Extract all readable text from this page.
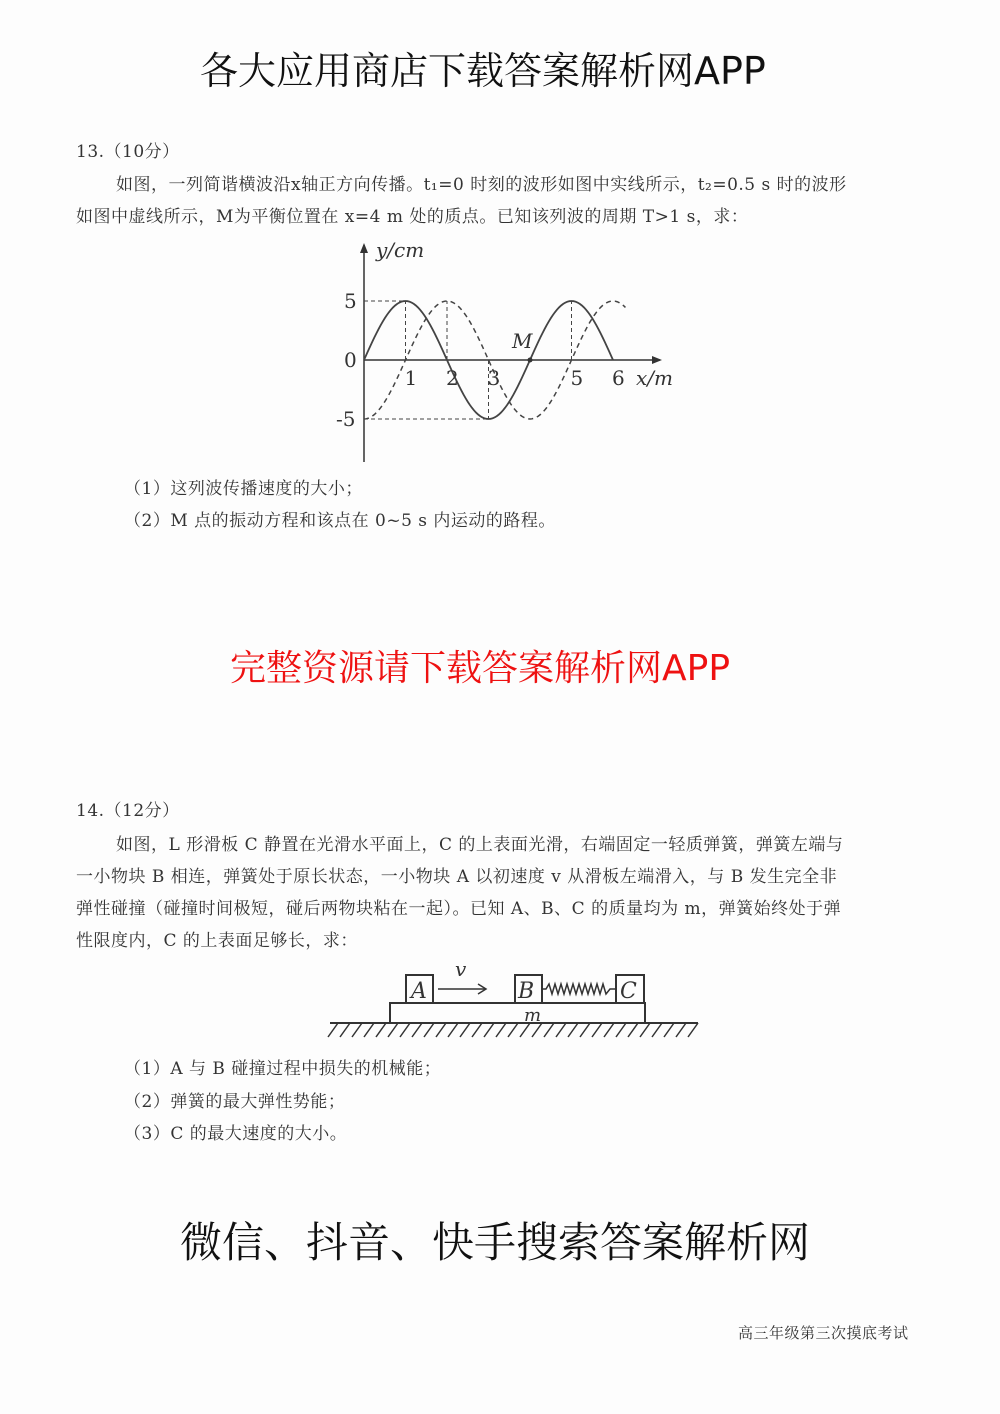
13.（10分）
如图，一列简谐横波沿x轴正方向传播。t₁=0 时刻的波形如图中实线所示，t₂=0.5 s 时的波形
如图中虚线所示，M为平衡位置在 x=4 m 处的质点。已知该列波的周期 T>1 s，求：
1 2 3	5 6
5
0
-5
y/cm
x/m
M
A	B	C
v
m
（1）这列波传播速度的大小；
（2）M 点的振动方程和该点在 0~5 s 内运动的路程。
14.（12分）
如图，L 形滑板 C 静置在光滑水平面上，C 的上表面光滑，右端固定一轻质弹簧，弹簧左端与
一小物块 B 相连，弹簧处于原长状态，一小物块 A 以初速度 v 从滑板左端滑入，与 B 发生完全非
弹性碰撞（碰撞时间极短，碰后两物块粘在一起）。已知 A、B、C 的质量均为 m，弹簧始终处于弹
性限度内，C 的上表面足够长，求：
（1）A 与 B 碰撞过程中损失的机械能；
（2）弹簧的最大弹性势能；
（3）C 的最大速度的大小。
高三年级第三次摸底考试
各大应用商店下载答案解析网APP
完整资源请下载答案解析网APP
微信、抖音、快手搜索答案解析网
